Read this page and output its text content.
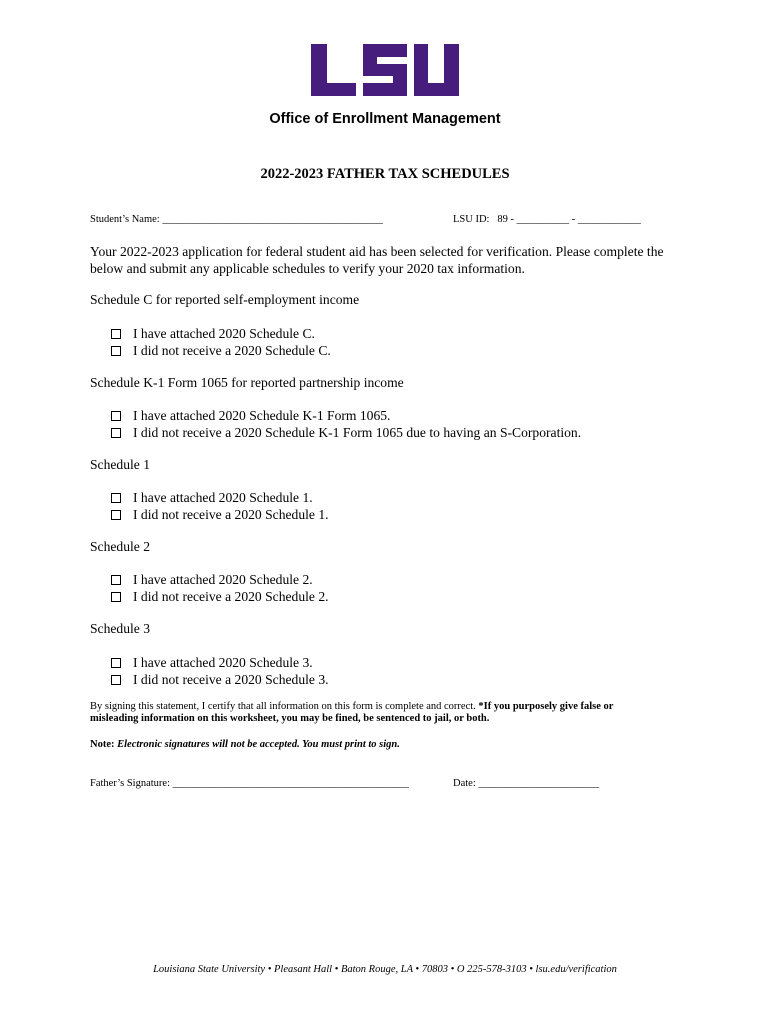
Office of Enrollment Management
2022-2023 FATHER TAX SCHEDULES
Student’s Name: __________________________________________	LSU ID: 89 - __________ - ____________
Your 2022-2023 application for federal student aid has been selected for verification. Please complete the
below and submit any applicable schedules to verify your 2020 tax information.
Schedule C for reported self-employment income
I have attached 2020 Schedule C.
I did not receive a 2020 Schedule C.
Schedule K-1 Form 1065 for reported partnership income
I have attached 2020 Schedule K-1 Form 1065.
I did not receive a 2020 Schedule K-1 Form 1065 due to having an S-Corporation.
Schedule 1
I have attached 2020 Schedule 1.
I did not receive a 2020 Schedule 1.
Schedule 2
I have attached 2020 Schedule 2.
I did not receive a 2020 Schedule 2.
Schedule 3
I have attached 2020 Schedule 3.
I did not receive a 2020 Schedule 3.
By signing this statement, I certify that all information on this form is complete and correct. *If you purposely give false or
misleading information on this worksheet, you may be fined, be sentenced to jail, or both.
Note: Electronic signatures will not be accepted. You must print to sign.
Father’s Signature: _____________________________________________	Date: _______________________
Louisiana State University • Pleasant Hall • Baton Rouge, LA • 70803 • O 225-578-3103 • lsu.edu/verification
